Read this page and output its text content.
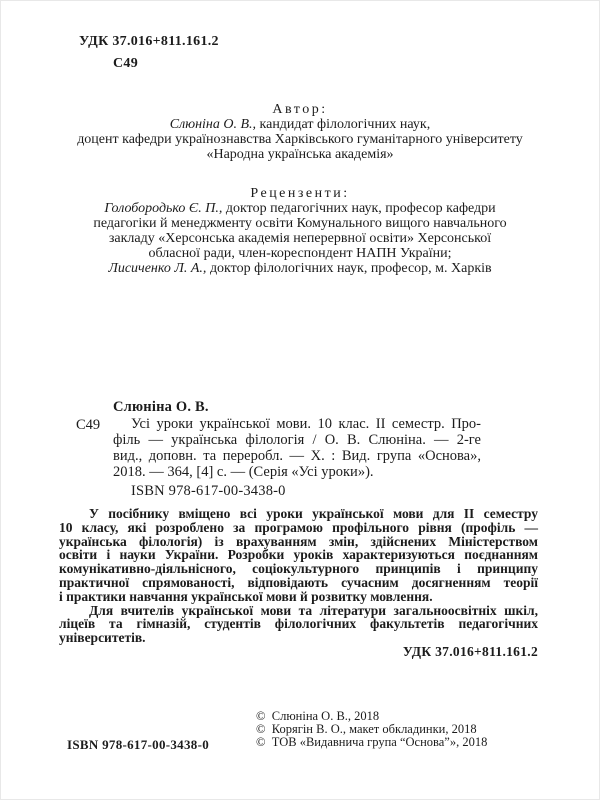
УДК 37.016+811.161.2
С49
Автор:
Слюніна О. В., кандидат філологічних наук,
доцент кафедри українознавства Харківського гуманітарного університету
«Народна українська академія»
Рецензенти:
Голобородько Є. П., доктор педагогічних наук, професор кафедри
педагогіки й менеджменту освіти Комунального вищого навчального
закладу «Херсонська академія неперервної освіти» Херсонської
обласної ради, член-кореспондент НАПН України;
Лисиченко Л. А., доктор філологічних наук, професор, м. Харків
Слюніна О. В.
С49	Усі уроки української мови. 10 клас. ІІ семестр. Про-
філь — українська філологія / О. В. Слюніна. — 2-ге
вид., доповн. та переробл. — Х. : Вид. група «Основа»,
2018. — 364, [4] с. — (Серія «Усі уроки»).
ISBN 978-617-00-3438-0
У посібнику вміщено всі уроки української мови для ІІ семестру
10 класу, які розроблено за програмою профільного рівня (профіль —
українська філологія) із врахуванням змін, здійснених Міністерством
освіти і науки України. Розробки уроків характеризуються поєднанням
комунікативно-діяльнісного, соціокультурного принципів і принципу
практичної спрямованості, відповідають сучасним досягненням теорії
і практики навчання української мови й розвитку мовлення.
Для вчителів української мови та літератури загальноосвітніх шкіл,
ліцеїв та гімназій, студентів філологічних факультетів педагогічних
університетів.
УДК 37.016+811.161.2
ISBN 978-617-00-3438-0
©  Слюніна О. В., 2018
©  Корягін В. О., макет обкладинки, 2018
©  ТОВ «Видавнича група “Основа”», 2018
